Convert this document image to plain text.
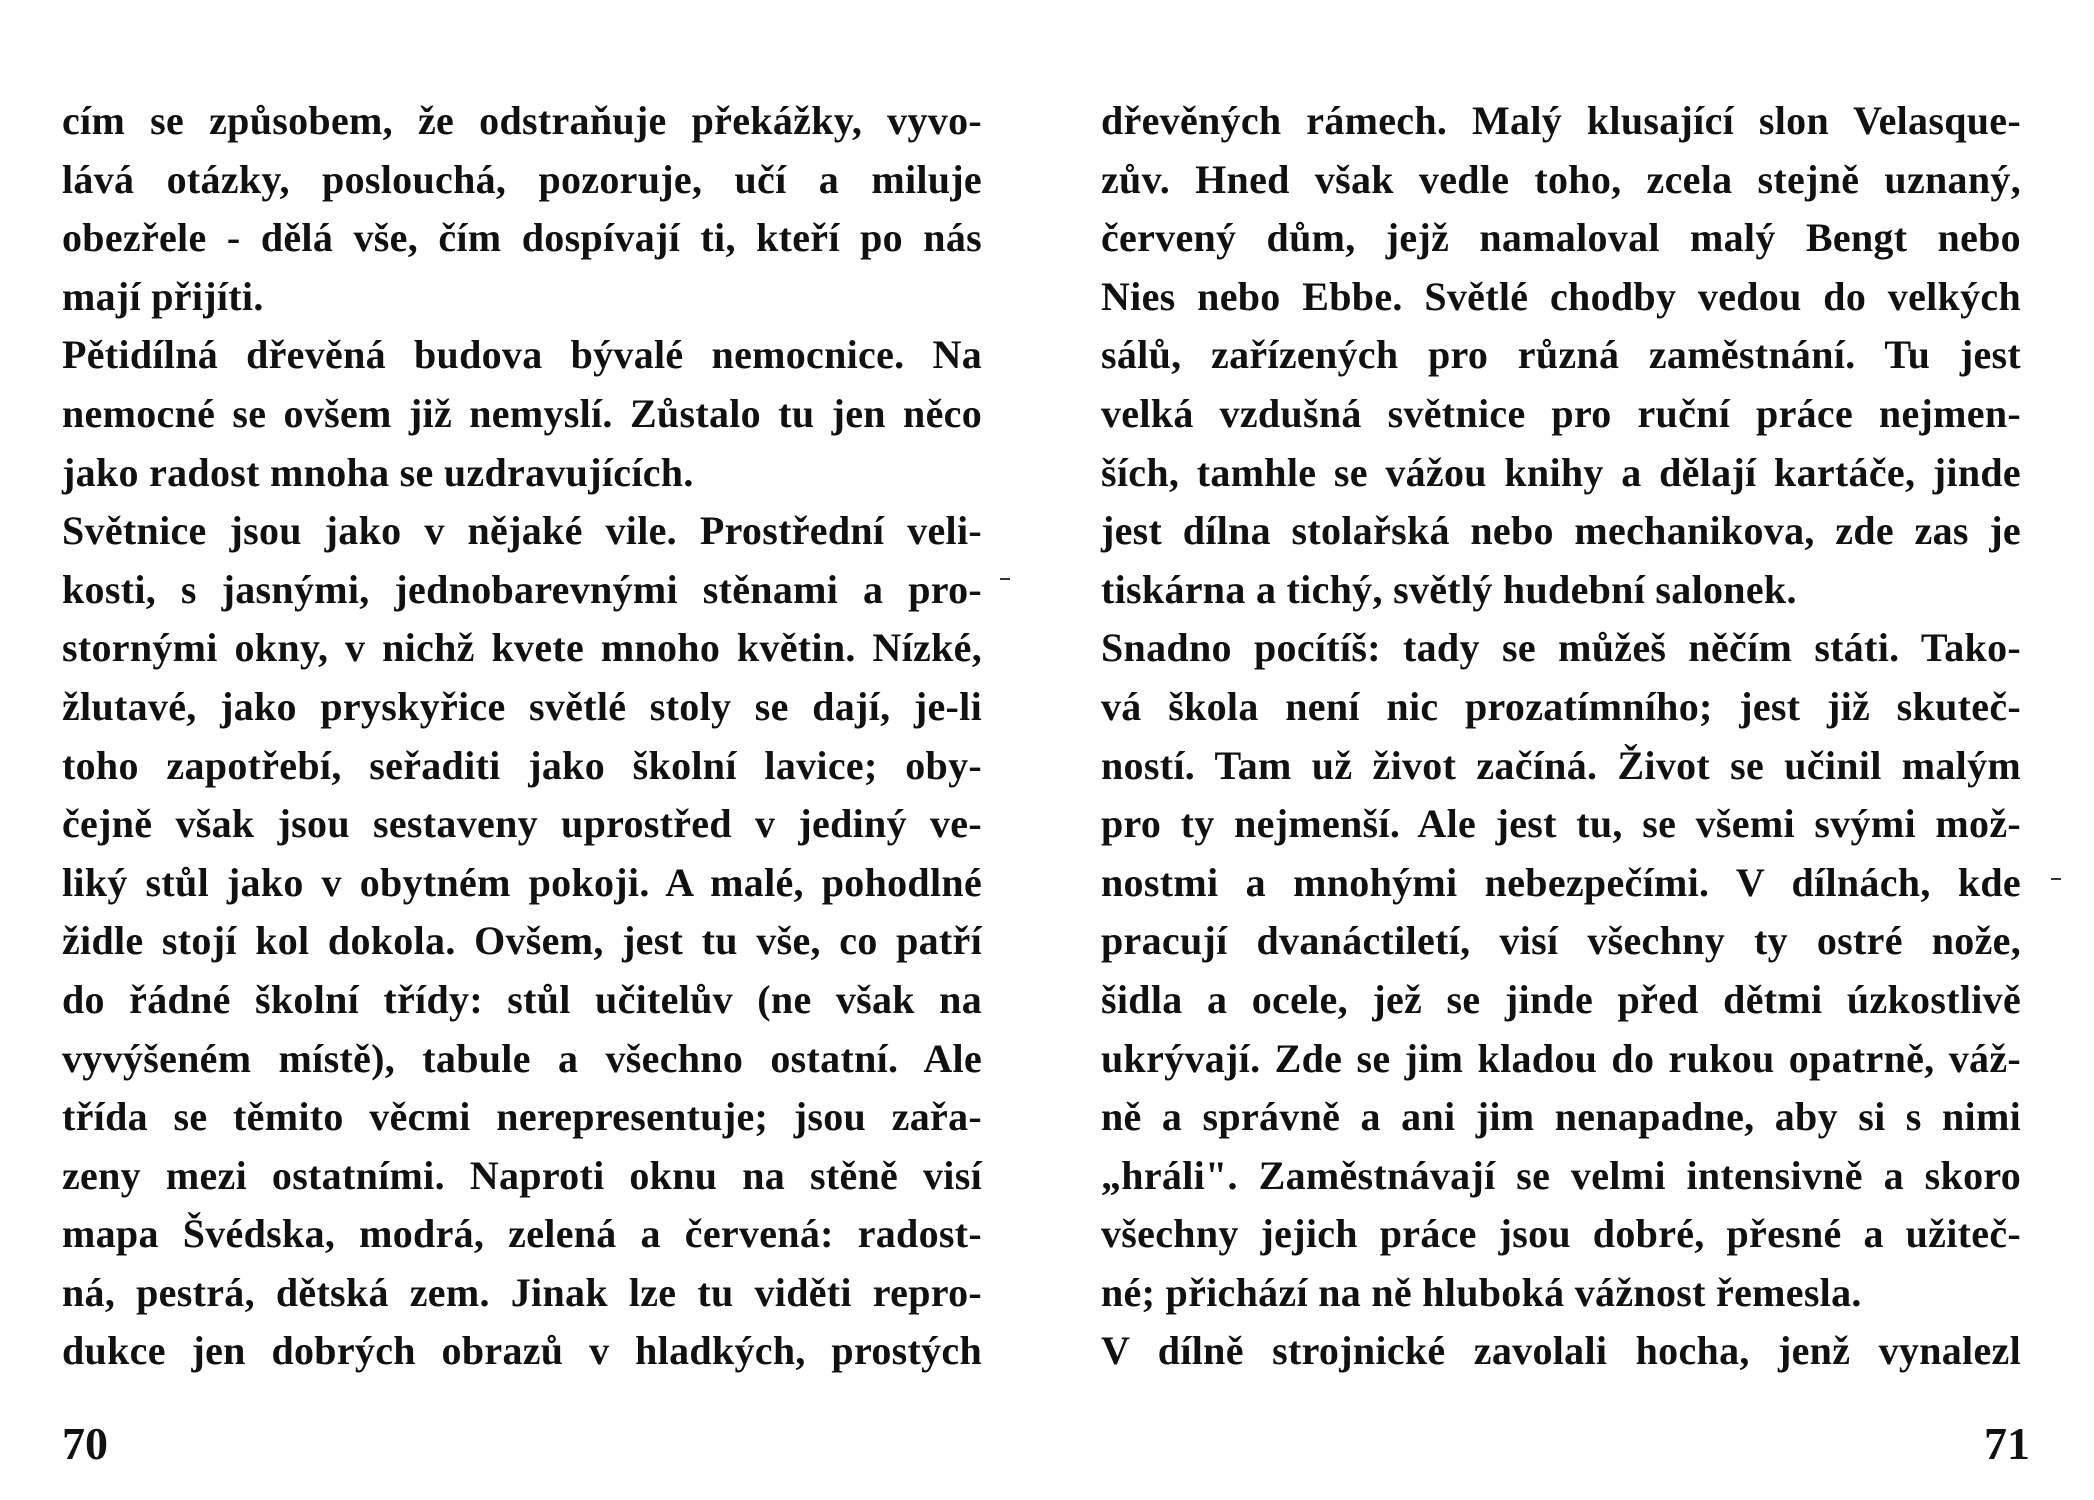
cím se způsobem, že odstraňuje překážky, vyvo-
lává otázky, poslouchá, pozoruje, učí a miluje
obezřele - dělá vše, čím dospívají ti, kteří po nás
mají přijíti.
Pětidílná dřevěná budova bývalé nemocnice. Na
nemocné se ovšem již nemyslí. Zůstalo tu jen něco
jako radost mnoha se uzdravujících.
Světnice jsou jako v nějaké vile. Prostřední veli-
kosti, s jasnými, jednobarevnými stěnami a pro-
stornými okny, v nichž kvete mnoho květin. Nízké,
žlutavé, jako pryskyřice světlé stoly se dají, je-li
toho zapotřebí, seřaditi jako školní lavice; oby-
čejně však jsou sestaveny uprostřed v jediný ve-
liký stůl jako v obytném pokoji. A malé, pohodlné
židle stojí kol dokola. Ovšem, jest tu vše, co patří
do řádné školní třídy: stůl učitelův (ne však na
vyvýšeném místě), tabule a všechno ostatní. Ale
třída se těmito věcmi nerepresentuje; jsou zařa-
zeny mezi ostatními. Naproti oknu na stěně visí
mapa Švédska, modrá, zelená a červená: radost-
ná, pestrá, dětská zem. Jinak lze tu viděti repro-
dukce jen dobrých obrazů v hladkých, prostých
70
dřevěných rámech. Malý klusající slon Velasque-
zův. Hned však vedle toho, zcela stejně uznaný,
červený dům, jejž namaloval malý Bengt nebo
Nies nebo Ebbe. Světlé chodby vedou do velkých
sálů, zařízených pro různá zaměstnání. Tu jest
velká vzdušná světnice pro ruční práce nejmen-
ších, tamhle se vážou knihy a dělají kartáče, jinde
jest dílna stolařská nebo mechanikova, zde zas je
tiskárna a tichý, světlý hudební salonek.
Snadno pocítíš: tady se můžeš něčím státi. Tako-
vá škola není nic prozatímního; jest již skuteč-
ností. Tam už život začíná. Život se učinil malým
pro ty nejmenší. Ale jest tu, se všemi svými mož-
nostmi a mnohými nebezpečími. V dílnách, kde
pracují dvanáctiletí, visí všechny ty ostré nože,
šidla a ocele, jež se jinde před dětmi úzkostlivě
ukrývají. Zde se jim kladou do rukou opatrně, váž-
ně a správně a ani jim nenapadne, aby si s nimi
„hráli". Zaměstnávají se velmi intensivně a skoro
všechny jejich práce jsou dobré, přesné a užiteč-
né; přichází na ně hluboká vážnost řemesla.
V dílně strojnické zavolali hocha, jenž vynalezl
71
